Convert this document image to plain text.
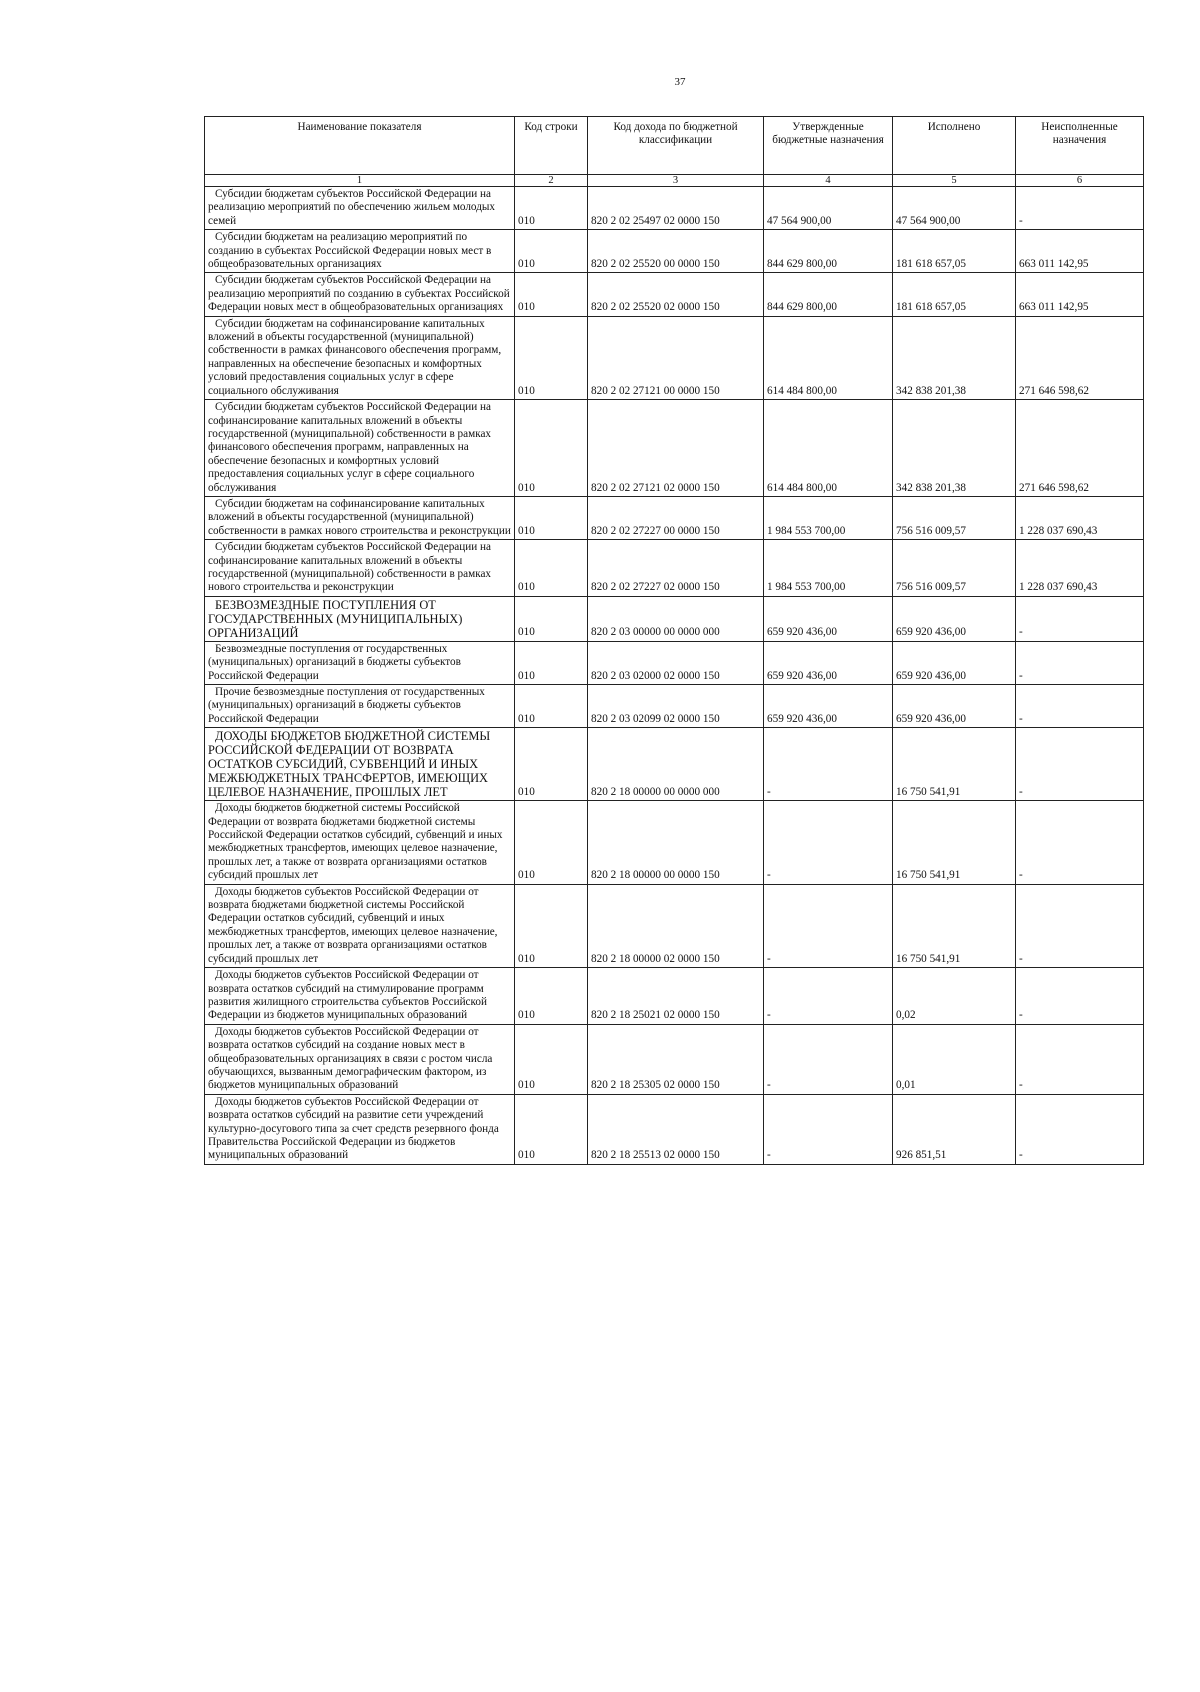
37
Наименование показателя	Код строки	Код дохода по бюджетной классификации	Утвержденные бюджетные назначения	Исполнено	Неисполненные назначения
1	2	3	4	5	6
Субсидии бюджетам субъектов Российской Федерации на реализацию мероприятий по обеспечению жильем молодых семей	010	820 2 02 25497 02 0000 150	47 564 900,00	47 564 900,00	-
Субсидии бюджетам на реализацию мероприятий по созданию в субъектах Российской Федерации новых мест в общеобразовательных организациях	010	820 2 02 25520 00 0000 150	844 629 800,00	181 618 657,05	663 011 142,95
Субсидии бюджетам субъектов Российской Федерации на реализацию мероприятий по созданию в субъектах Российской Федерации новых мест в общеобразовательных организациях	010	820 2 02 25520 02 0000 150	844 629 800,00	181 618 657,05	663 011 142,95
Субсидии бюджетам на софинансирование капитальных вложений в объекты государственной (муниципальной) собственности в рамках финансового обеспечения программ, направленных на обеспечение безопасных и комфортных условий предоставления социальных услуг в сфере социального обслуживания	010	820 2 02 27121 00 0000 150	614 484 800,00	342 838 201,38	271 646 598,62
Субсидии бюджетам субъектов Российской Федерации на софинансирование капитальных вложений в объекты государственной (муниципальной) собственности в рамках финансового обеспечения программ, направленных на обеспечение безопасных и комфортных условий предоставления социальных услуг в сфере социального обслуживания	010	820 2 02 27121 02 0000 150	614 484 800,00	342 838 201,38	271 646 598,62
Субсидии бюджетам на софинансирование капитальных вложений в объекты государственной (муниципальной) собственности в рамках нового строительства и реконструкции	010	820 2 02 27227 00 0000 150	1 984 553 700,00	756 516 009,57	1 228 037 690,43
Субсидии бюджетам субъектов Российской Федерации на софинансирование капитальных вложений в объекты государственной (муниципальной) собственности в рамках нового строительства и реконструкции	010	820 2 02 27227 02 0000 150	1 984 553 700,00	756 516 009,57	1 228 037 690,43
БЕЗВОЗМЕЗДНЫЕ ПОСТУПЛЕНИЯ ОТ ГОСУДАРСТВЕННЫХ (МУНИЦИПАЛЬНЫХ) ОРГАНИЗАЦИЙ	010	820 2 03 00000 00 0000 000	659 920 436,00	659 920 436,00	-
Безвозмездные поступления от государственных (муниципальных) организаций в бюджеты субъектов Российской Федерации	010	820 2 03 02000 02 0000 150	659 920 436,00	659 920 436,00	-
Прочие безвозмездные поступления от государственных (муниципальных) организаций в бюджеты субъектов Российской Федерации	010	820 2 03 02099 02 0000 150	659 920 436,00	659 920 436,00	-
ДОХОДЫ БЮДЖЕТОВ БЮДЖЕТНОЙ СИСТЕМЫ РОССИЙСКОЙ ФЕДЕРАЦИИ ОТ ВОЗВРАТА ОСТАТКОВ СУБСИДИЙ, СУБВЕНЦИЙ И ИНЫХ МЕЖБЮДЖЕТНЫХ ТРАНСФЕРТОВ, ИМЕЮЩИХ ЦЕЛЕВОЕ НАЗНАЧЕНИЕ, ПРОШЛЫХ ЛЕТ	010	820 2 18 00000 00 0000 000	-	16 750 541,91	-
Доходы бюджетов бюджетной системы Российской Федерации от возврата бюджетами бюджетной системы Российской Федерации остатков субсидий, субвенций и иных межбюджетных трансфертов, имеющих целевое назначение, прошлых лет, а также от возврата организациями остатков субсидий прошлых лет	010	820 2 18 00000 00 0000 150	-	16 750 541,91	-
Доходы бюджетов субъектов Российской Федерации от возврата бюджетами бюджетной системы Российской Федерации остатков субсидий, субвенций и иных межбюджетных трансфертов, имеющих целевое назначение, прошлых лет, а также от возврата организациями остатков субсидий прошлых лет	010	820 2 18 00000 02 0000 150	-	16 750 541,91	-
Доходы бюджетов субъектов Российской Федерации от возврата остатков субсидий на стимулирование программ развития жилищного строительства субъектов Российской Федерации из бюджетов муниципальных образований	010	820 2 18 25021 02 0000 150	-	0,02	-
Доходы бюджетов субъектов Российской Федерации от возврата остатков субсидий на создание новых мест в общеобразовательных организациях в связи с ростом числа обучающихся, вызванным демографическим фактором, из бюджетов муниципальных образований	010	820 2 18 25305 02 0000 150	-	0,01	-
Доходы бюджетов субъектов Российской Федерации от возврата остатков субсидий на развитие сети учреждений культурно-досугового типа за счет средств резервного фонда Правительства Российской Федерации из бюджетов муниципальных образований	010	820 2 18 25513 02 0000 150	-	926 851,51	-
